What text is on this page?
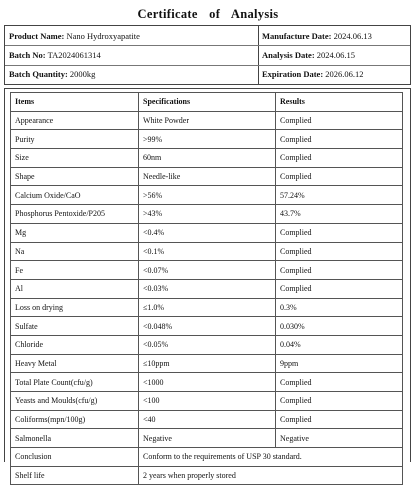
Certificate of Analysis
Product Name: Nano Hydroxyapatite	Manufacture Date: 2024.06.13
Batch No: TA2024061314	Analysis Date: 2024.06.15
Batch Quantity: 2000kg	Expiration Date: 2026.06.12
Items	Specifications	Results
Appearance	White Powder	Complied
Purity	>99%	Complied
Size	60nm	Complied
Shape	Needle-like	Complied
Calcium Oxide/CaO	>56%	57.24%
Phosphorus Pentoxide/P205	>43%	43.7%
Mg	<0.4%	Complied
Na	<0.1%	Complied
Fe	<0.07%	Complied
Al	<0.03%	Complied
Loss on drying	≤1.0%	0.3%
Sulfate	<0.048%	0.030%
Chloride	<0.05%	0.04%
Heavy Metal	≤10ppm	9ppm
Total Plate Count(cfu/g)	<1000	Complied
Yeasts and Moulds(cfu/g)	<100	Complied
Coliforms(mpn/100g)	<40	Complied
Salmonella	Negative	Negative
Conclusion	Conform to the requirements of USP 30 standard.	
Shelf life	2 years when properly stored	
